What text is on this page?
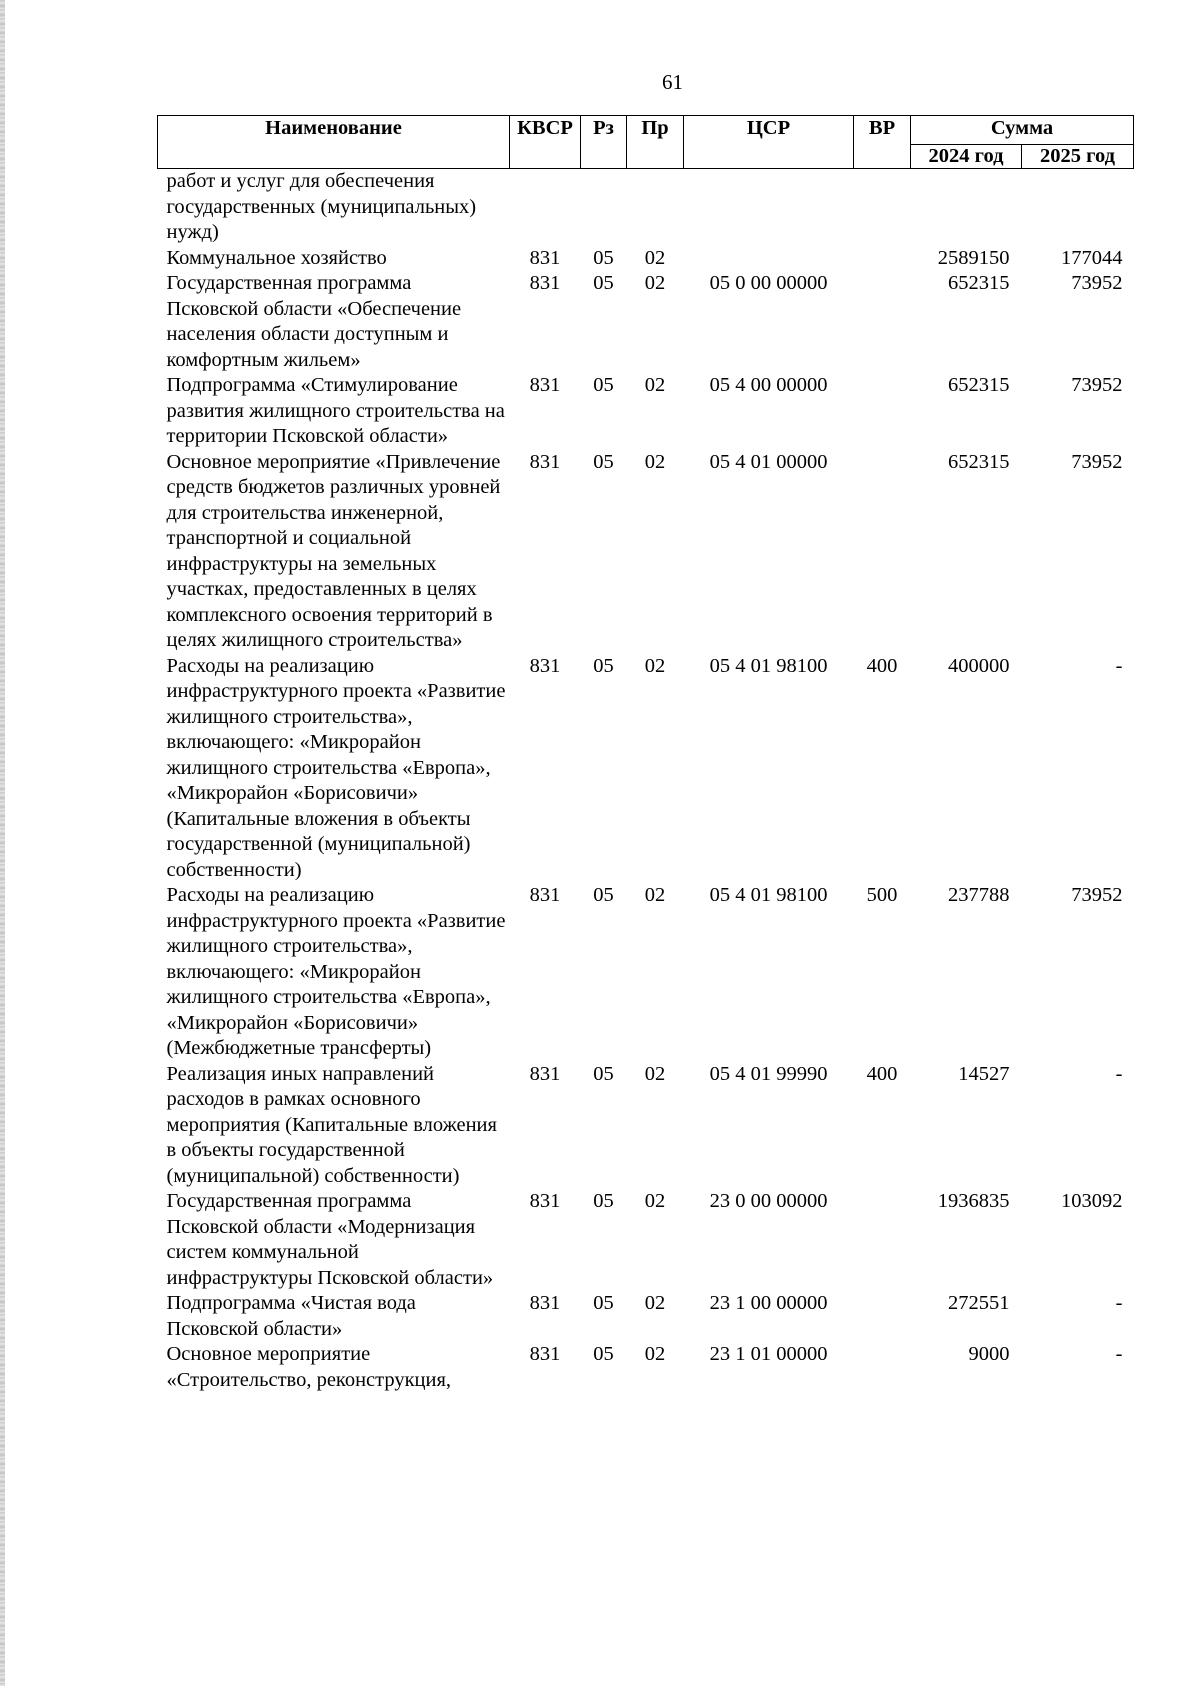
61
Наименование	КВСР	Рз	Пр	ЦСР	ВР	Сумма	
						2024 год	2025 год
работ и услуг для обеспечения государственных (муниципальных) нужд)							
Коммунальное хозяйство	831	05	02			2589150	177044
Государственная программа Псковской области «Обеспечение населения области доступным и комфортным жильем»	831	05	02	05 0 00 00000		652315	73952
Подпрограмма «Стимулирование развития жилищного строительства на территории Псковской области»	831	05	02	05 4 00 00000		652315	73952
Основное мероприятие «Привлечение средств бюджетов различных уровней для строительства инженерной, транспортной и социальной инфраструктуры на земельных участках, предоставленных в целях комплексного освоения территорий в целях жилищного строительства»	831	05	02	05 4 01 00000		652315	73952
Расходы на реализацию инфраструктурного проекта «Развитие жилищного строительства», включающего: «Микрорайон жилищного строительства «Европа», «Микрорайон «Борисовичи» (Капитальные вложения в объекты государственной (муниципальной) собственности)	831	05	02	05 4 01 98100	400	400000	-
Расходы на реализацию инфраструктурного проекта «Развитие жилищного строительства», включающего: «Микрорайон жилищного строительства «Европа», «Микрорайон «Борисовичи» (Межбюджетные трансферты)	831	05	02	05 4 01 98100	500	237788	73952
Реализация иных направлений расходов в рамках основного мероприятия (Капитальные вложения в объекты государственной (муниципальной) собственности)	831	05	02	05 4 01 99990	400	14527	-
Государственная программа Псковской области «Модернизация систем коммунальной инфраструктуры Псковской области»	831	05	02	23 0 00 00000		1936835	103092
Подпрограмма «Чистая вода Псковской области»	831	05	02	23 1 00 00000		272551	-
Основное мероприятие «Строительство, реконструкция,	831	05	02	23 1 01 00000		9000	-
